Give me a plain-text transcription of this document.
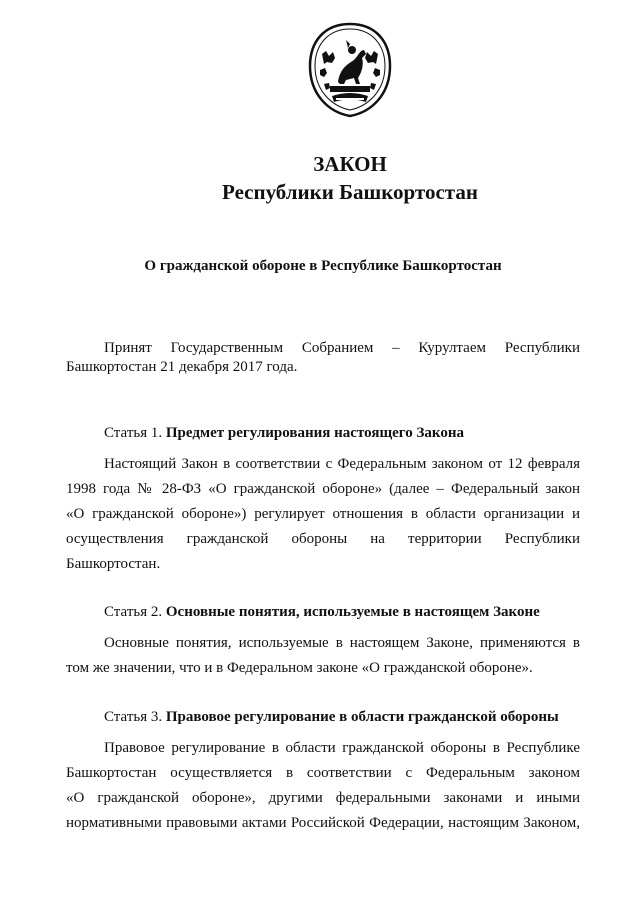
ЗАКОН
Республики Башкортостан
О гражданской обороне в Республике Башкортостан
Принят Государственным Собранием – Курултаем Республики
Башкортостан 21 декабря 2017 года.
Статья 1. Предмет регулирования настоящего Закона
Настоящий Закон в соответствии с Федеральным законом от 12 февраля
1998 года № 28-ФЗ «О гражданской обороне» (далее – Федеральный закон
«О гражданской обороне») регулирует отношения в области организации и
осуществления гражданской обороны на территории Республики
Башкортостан.
Статья 2. Основные понятия, используемые в настоящем Законе
Основные понятия, используемые в настоящем Законе, применяются в
том же значении, что и в Федеральном законе «О гражданской обороне».
Статья 3. Правовое регулирование в области гражданской обороны
Правовое регулирование в области гражданской обороны в Республике
Башкортостан осуществляется в соответствии с Федеральным законом
«О гражданской обороне», другими федеральными законами и иными
нормативными правовыми актами Российской Федерации, настоящим Законом,
